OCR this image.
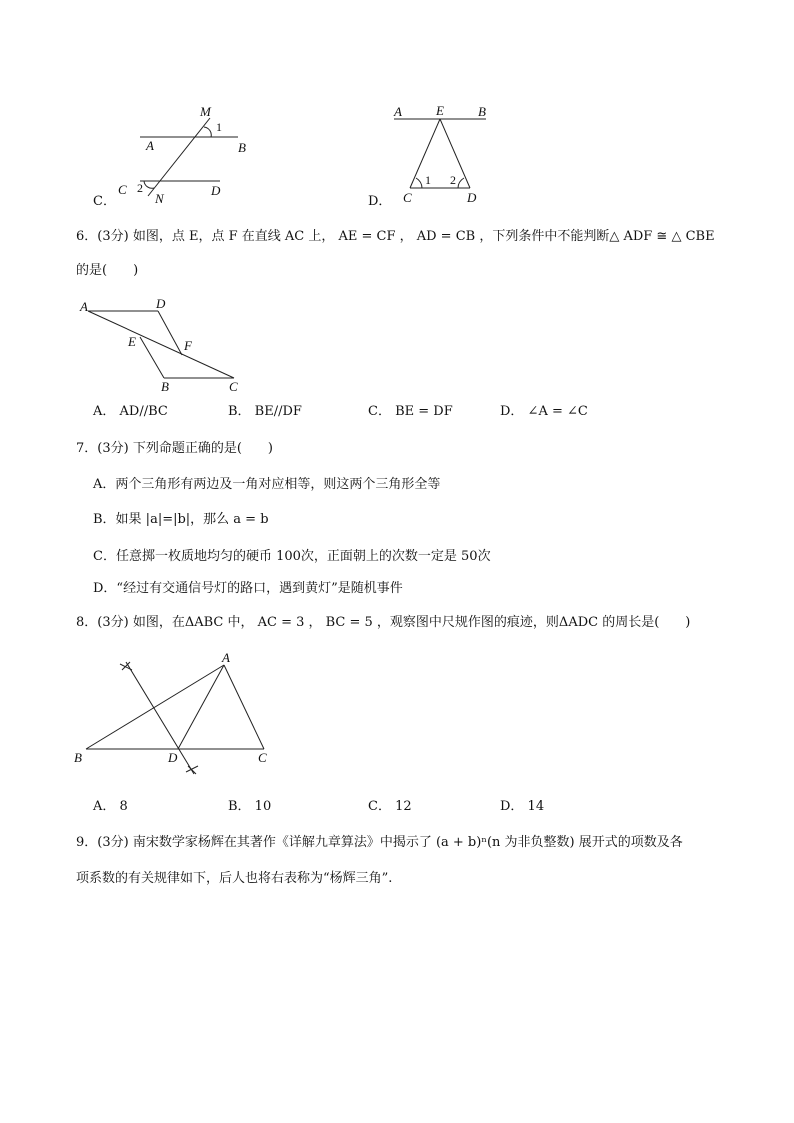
C．
M
1
A	B
C 2
N
D
D．
A	E	B
1 2
C	D
6．(3分) 如图，点 E，点 F 在直线 AC 上， AE = CF ， AD = CB ，下列条件中不能判断△ ADF ≅ △ CBE
的是(　　)
A	D
E	F
B	C
A． AD//BC	B． BE//DF	C． BE = DF	D． ∠A = ∠C
7．(3分) 下列命题正确的是(　　)
A．两个三角形有两边及一角对应相等，则这两个三角形全等
B．如果 |a|=|b|，那么 a = b
C．任意掷一枚质地均匀的硬币 100次，正面朝上的次数一定是 50次
D．“经过有交通信号灯的路口，遇到黄灯”是随机事件
8．(3分) 如图，在ΔABC 中， AC = 3 ， BC = 5 ，观察图中尺规作图的痕迹，则ΔADC 的周长是(　　)
A
B	D	C
A． 8	B． 10	C． 12	D． 14
9．(3分) 南宋数学家杨辉在其著作《详解九章算法》中揭示了 (a + b)ⁿ(n 为非负整数) 展开式的项数及各
项系数的有关规律如下，后人也将右表称为“杨辉三角”.
